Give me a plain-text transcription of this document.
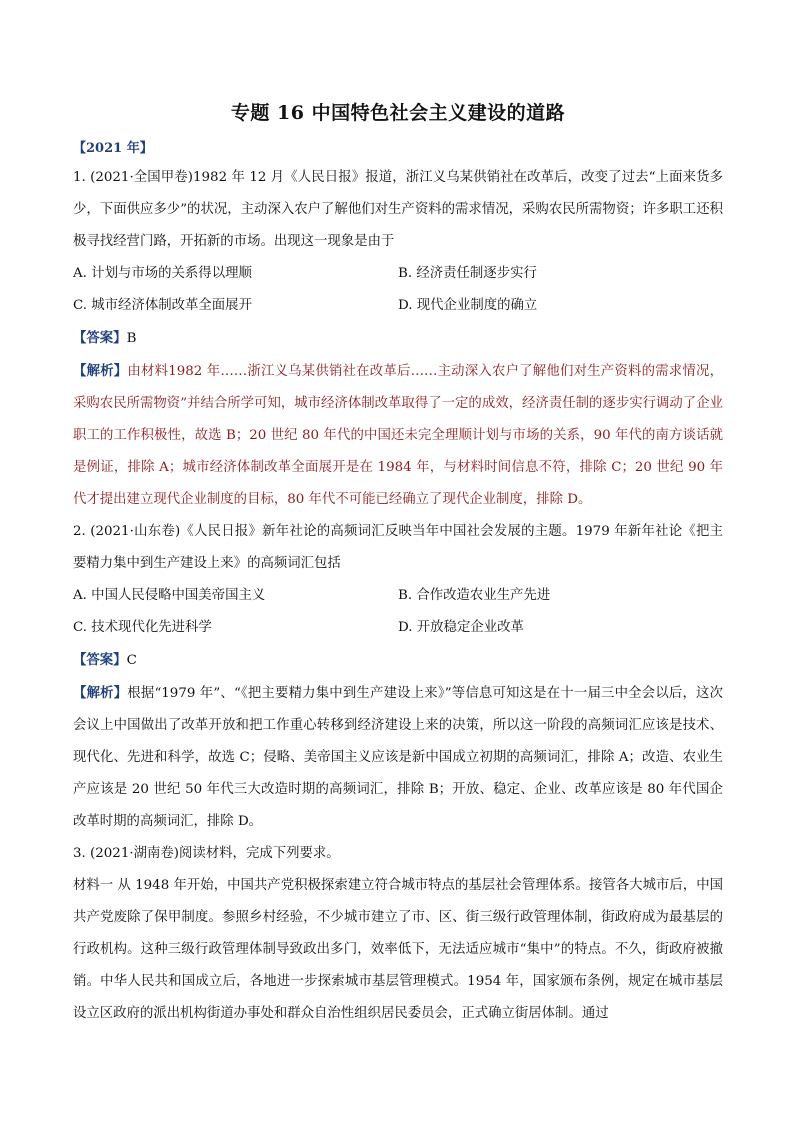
专题 16 中国特色社会主义建设的道路
【2021 年】

1. (2021·全国甲卷)1982 年 12 月《人民日报》报道，浙江义乌某供销社在改革后，改变了过去“上面来货多少，下面供应多少”的状况，主动深入农户了解他们对生产资料的需求情况，采购农民所需物资；许多职工还积极寻找经营门路，开拓新的市场。出现这一现象是由于

A. 计划与市场的关系得以理顺	B. 经济责任制逐步实行
C. 城市经济体制改革全面展开	D. 现代企业制度的确立
【答案】B

【解析】由材料1982 年……浙江义乌某供销社在改革后……主动深入农户了解他们对生产资料的需求情况，采购农民所需物资”并结合所学可知，城市经济体制改革取得了一定的成效，经济责任制的逐步实行调动了企业职工的工作积极性，故选 B；20 世纪 80 年代的中国还未完全理顺计划与市场的关系，90 年代的南方谈话就是例证，排除 A；城市经济体制改革全面展开是在 1984 年，与材料时间信息不符，排除 C；20 世纪 90 年代才提出建立现代企业制度的目标，80 年代不可能已经确立了现代企业制度，排除 D。

2. (2021·山东卷)《人民日报》新年社论的高频词汇反映当年中国社会发展的主题。1979 年新年社论《把主要精力集中到生产建设上来》的高频词汇包括

A. 中国人民侵略中国美帝国主义	B. 合作改造农业生产先进
C. 技术现代化先进科学	D. 开放稳定企业改革
【答案】C

【解析】根据“1979 年”、“《把主要精力集中到生产建设上来》”等信息可知这是在十一届三中全会以后，这次会议上中国做出了改革开放和把工作重心转移到经济建设上来的决策，所以这一阶段的高频词汇应该是技术、现代化、先进和科学，故选 C；侵略、美帝国主义应该是新中国成立初期的高频词汇，排除 A；改造、农业生产应该是 20 世纪 50 年代三大改造时期的高频词汇，排除 B；开放、稳定、企业、改革应该是 80 年代国企改革时期的高频词汇，排除 D。

3. (2021·湖南卷)阅读材料，完成下列要求。

材料一 从 1948 年开始，中国共产党积极探索建立符合城市特点的基层社会管理体系。接管各大城市后，中国共产党废除了保甲制度。参照乡村经验，不少城市建立了市、区、街三级行政管理体制，街政府成为最基层的行政机构。这种三级行政管理体制导致政出多门，效率低下，无法适应城市“集中”的特点。不久，街政府被撤销。中华人民共和国成立后，各地进一步探索城市基层管理模式。1954 年，国家颁布条例，规定在城市基层设立区政府的派出机构街道办事处和群众自治性组织居民委员会，正式确立街居体制。通过
